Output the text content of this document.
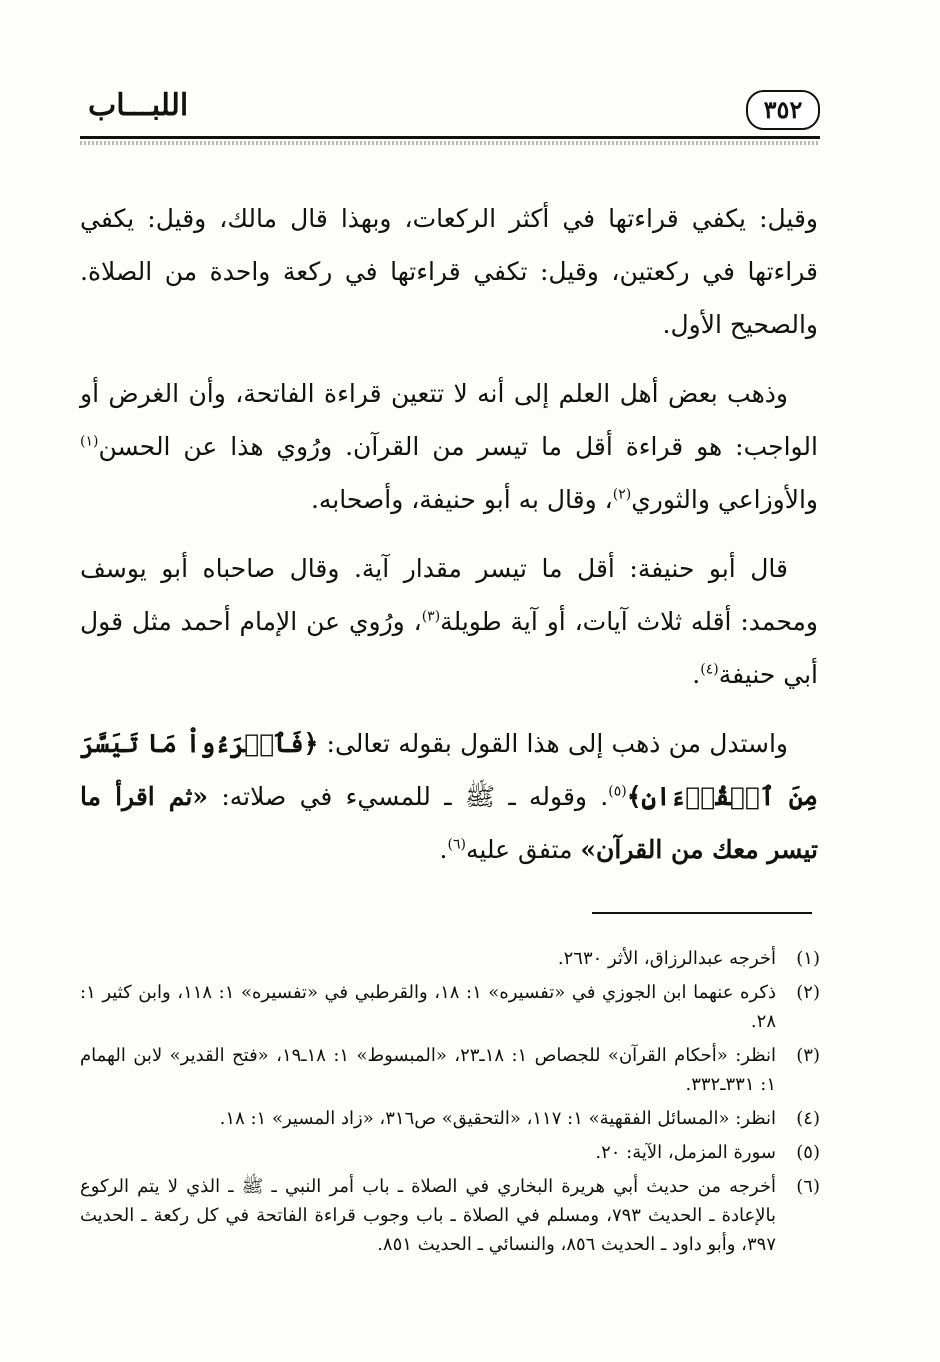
٣٥٢
اللبـــاب

وقيل: يكفي قراءتها في أكثر الركعات، وبهذا قال مالك، وقيل: يكفي قراءتها في ركعتين، وقيل: تكفي قراءتها في ركعة واحدة من الصلاة. والصحيح الأول.

وذهب بعض أهل العلم إلى أنه لا تتعين قراءة الفاتحة، وأن الغرض أو الواجب: هو قراءة أقل ما تيسر من القرآن. ورُوي هذا عن الحسن$^{(١)}$ والأوزاعي والثوري$^{(٢)}$، وقال به أبو حنيفة، وأصحابه.

قال أبو حنيفة: أقل ما تيسر مقدار آية. وقال صاحباه أبو يوسف ومحمد: أقله ثلاث آيات، أو آية طويلة$^{(٣)}$، ورُوي عن الإمام أحمد مثل قول أبي حنيفة$^{(٤)}$.

واستدل من ذهب إلى هذا القول بقوله تعالى: ﴿فَٱقۡرَءُواْ مَا تَيَسَّرَ مِنَ ٱلۡقُرۡءَانِ﴾$^{(٥)}$. وقوله ـ ﷺ ـ للمسيء في صلاته: «ثم اقرأ ما تيسر معك من القرآن» متفق عليه$^{(٦)}$.

(١)
أخرجه عبدالرزاق، الأثر ٢٦٣٠.
(٢)
ذكره عنهما ابن الجوزي في «تفسيره» ١: ١٨، والقرطبي في «تفسيره» ١: ١١٨، وابن كثير ١: ٢٨.
(٣)
انظر: «أحكام القرآن» للجصاص ١: ١٨ـ٢٣، «المبسوط» ١: ١٨ـ١٩، «فتح القدير» لابن الهمام ١: ٣٣١ـ٣٣٢.
(٤)
انظر: «المسائل الفقهية» ١: ١١٧، «التحقيق» ص٣١٦، «زاد المسير» ١: ١٨.
(٥)
سورة المزمل، الآية: ٢٠.
(٦)
أخرجه من حديث أبي هريرة البخاري في الصلاة ـ باب أمر النبي ـ ﷺ ـ الذي لا يتم الركوع بالإعادة ـ الحديث ٧٩٣، ومسلم في الصلاة ـ باب وجوب قراءة الفاتحة في كل ركعة ـ الحديث ٣٩٧، وأبو داود ـ الحديث ٨٥٦، والنسائي ـ الحديث ٨٥١.
